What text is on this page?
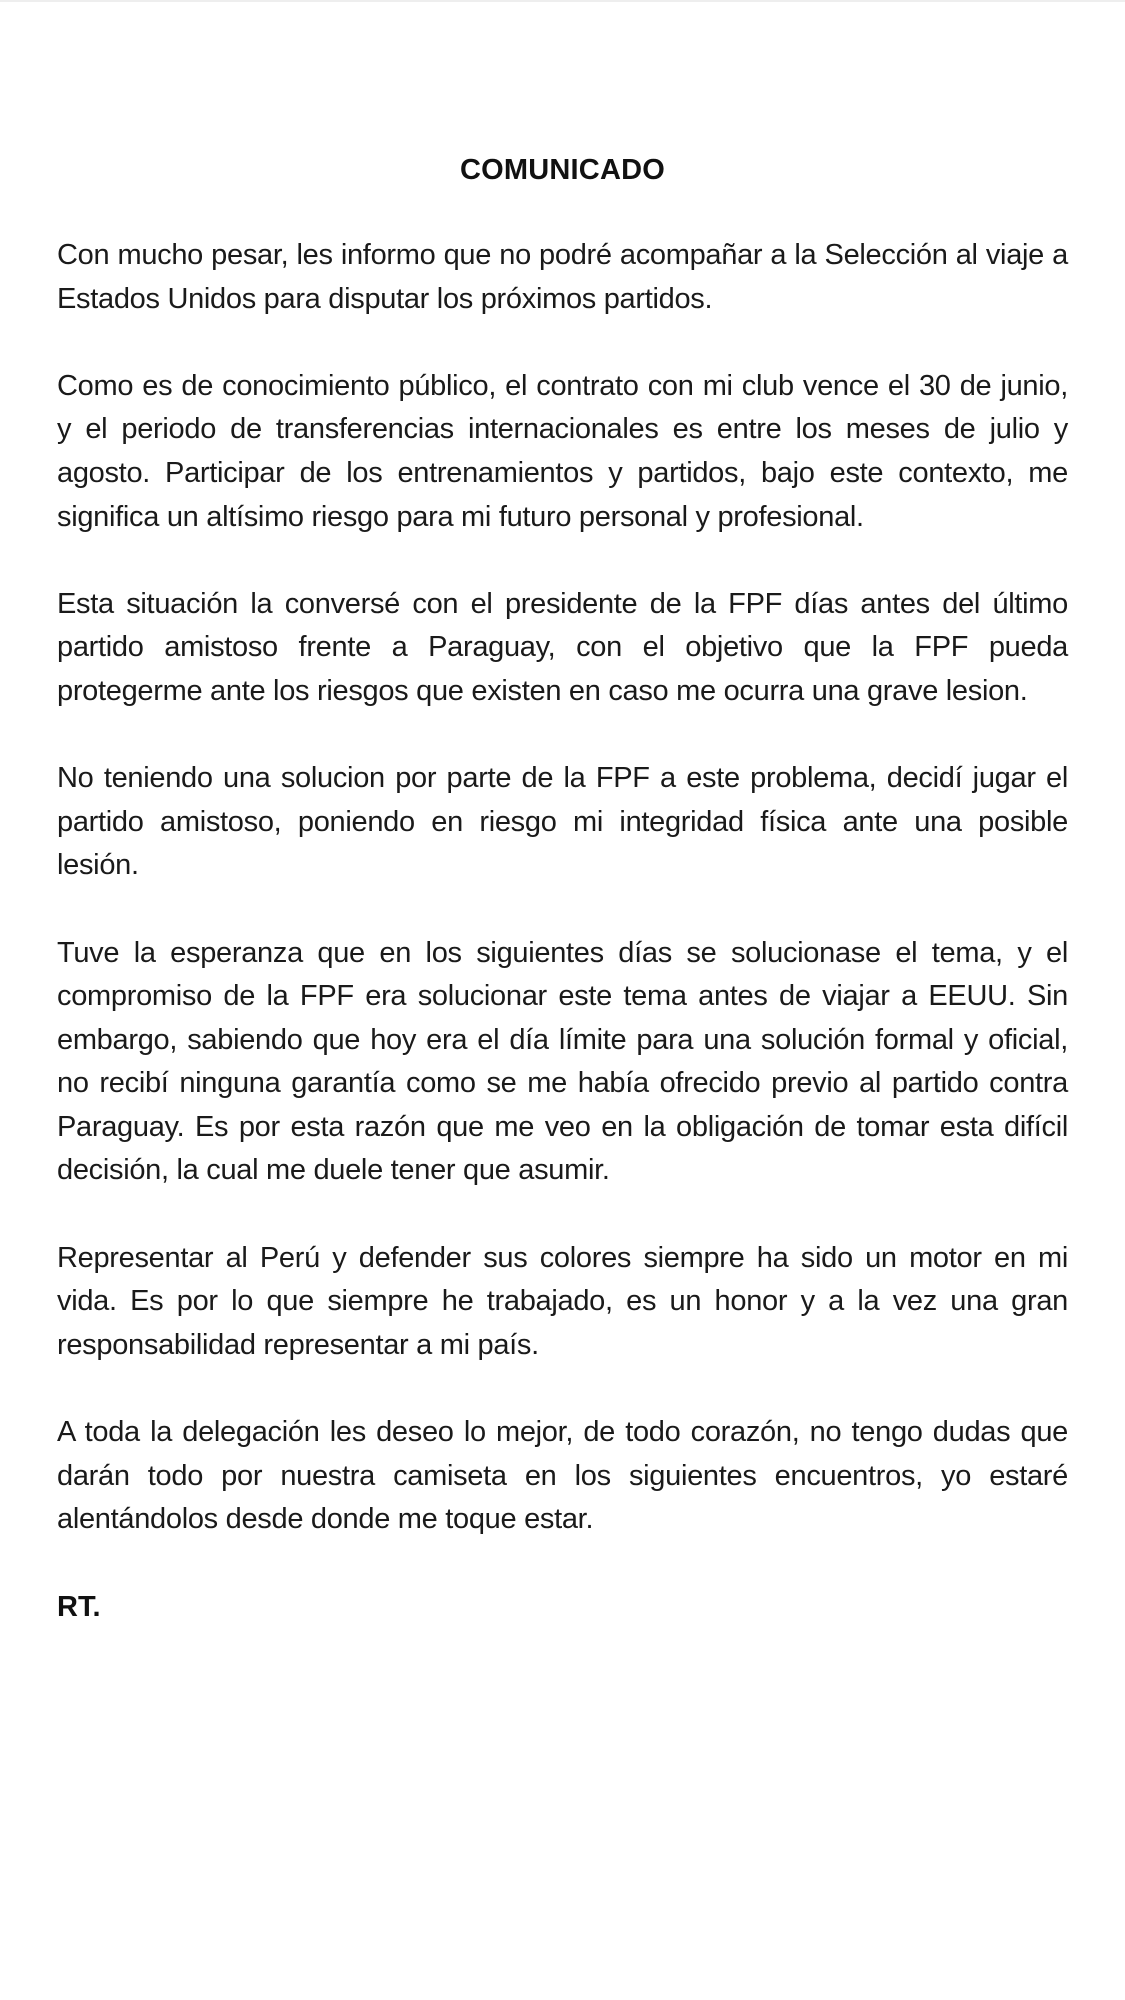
COMUNICADO

Con mucho pesar, les informo que no podré acompañar a la Selección al viaje a Estados Unidos para disputar los próximos partidos.

Como es de conocimiento público, el contrato con mi club vence el 30 de junio, y el periodo de transferencias internacionales es entre los meses de julio y agosto. Participar de los entrenamientos y partidos, bajo este contexto, me significa un altísimo riesgo para mi futuro personal y profesional.

Esta situación la conversé con el presidente de la FPF días antes del último partido amistoso frente a Paraguay, con el objetivo que la FPF pueda protegerme ante los riesgos que existen en caso me ocurra una grave lesion.

No teniendo una solucion por parte de la FPF a este problema, decidí jugar el partido amistoso, poniendo en riesgo mi integridad física ante una posible lesión.

Tuve la esperanza que en los siguientes días se solucionase el tema, y el compromiso de la FPF era solucionar este tema antes de viajar a EEUU. Sin embargo, sabiendo que hoy era el día límite para una solución formal y oficial, no recibí ninguna garantía como se me había ofrecido previo al partido contra Paraguay. Es por esta razón que me veo en la obligación de tomar esta difícil decisión, la cual me duele tener que asumir.

Representar al Perú y defender sus colores siempre ha sido un motor en mi vida. Es por lo que siempre he trabajado, es un honor y a la vez una gran responsabilidad representar a mi país.

A toda la delegación les deseo lo mejor, de todo corazón, no tengo dudas que darán todo por nuestra camiseta en los siguientes encuentros, yo estaré alentándolos desde donde me toque estar.

RT.
